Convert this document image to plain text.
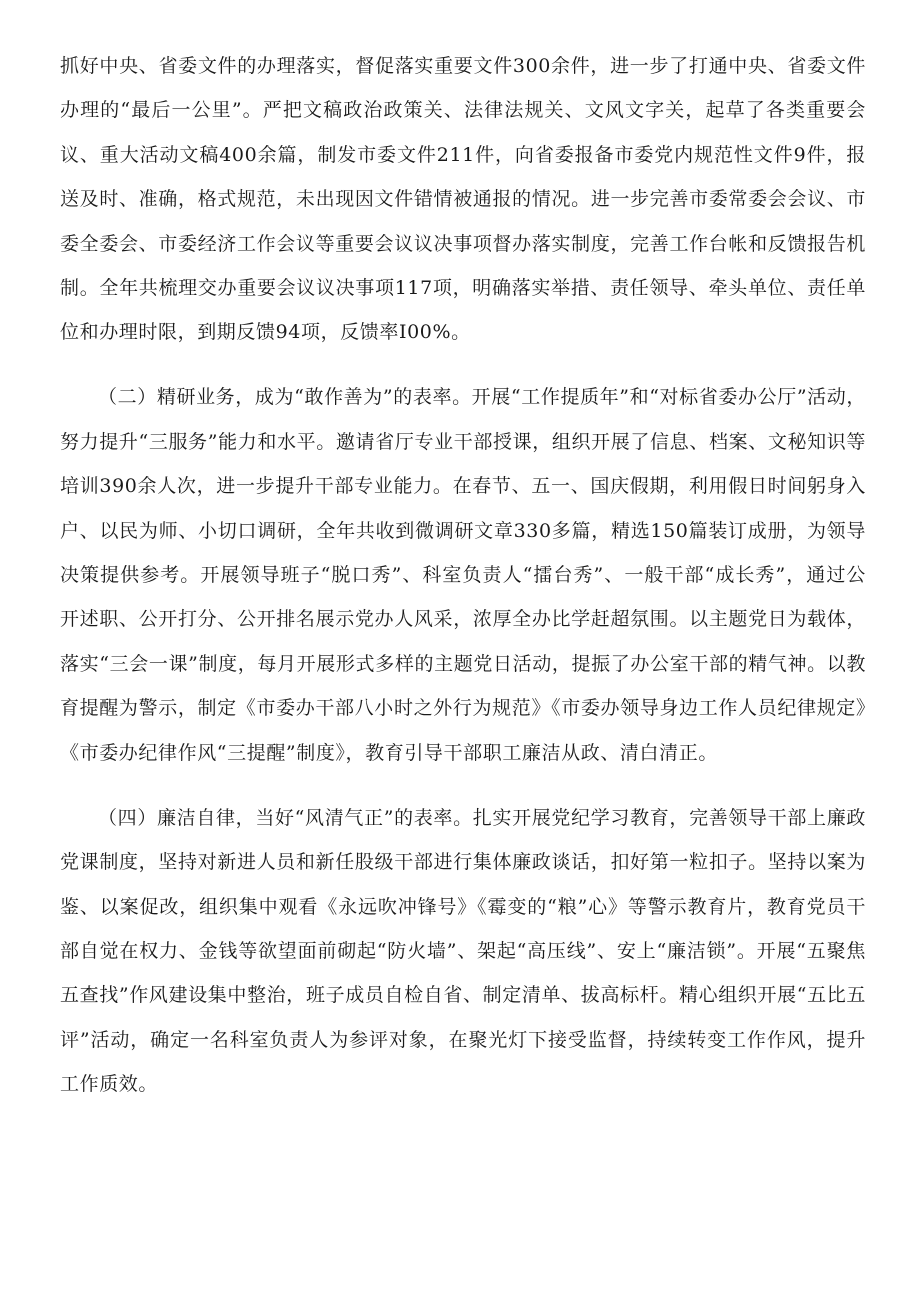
抓好中央、省委文件的办理落实，督促落实重要文件300余件，进一步了打通中央、省委文件办理的“最后一公里”。严把文稿政治政策关、法律法规关、文风文字关，起草了各类重要会议、重大活动文稿400余篇，制发市委文件211件，向省委报备市委党内规范性文件9件，报送及时、准确，格式规范，未出现因文件错情被通报的情况。进一步完善市委常委会会议、市委全委会、市委经济工作会议等重要会议议决事项督办落实制度，完善工作台帐和反馈报告机制。全年共梳理交办重要会议议决事项117项，明确落实举措、责任领导、牵头单位、责任单位和办理时限，到期反馈94项，反馈率I00%。

（二）精研业务，成为“敢作善为”的表率。开展“工作提质年”和“对标省委办公厅”活动，努力提升“三服务”能力和水平。邀请省厅专业干部授课，组织开展了信息、档案、文秘知识等培训390余人次，进一步提升干部专业能力。在春节、五一、国庆假期，利用假日时间躬身入户、以民为师、小切口调研，全年共收到微调研文章330多篇，精选150篇装订成册，为领导决策提供参考。开展领导班子“脱口秀”、科室负责人“擂台秀”、一般干部“成长秀”，通过公开述职、公开打分、公开排名展示党办人风采，浓厚全办比学赶超氛围。以主题党日为载体，落实“三会一课”制度，每月开展形式多样的主题党日活动，提振了办公室干部的精气神。以教育提醒为警示，制定《市委办干部八小时之外行为规范》《市委办领导身边工作人员纪律规定》《市委办纪律作风“三提醒”制度》，教育引导干部职工廉洁从政、清白清正。

（四）廉洁自律，当好“风清气正”的表率。扎实开展党纪学习教育，完善领导干部上廉政党课制度，坚持对新进人员和新任股级干部进行集体廉政谈话，扣好第一粒扣子。坚持以案为鉴、以案促改，组织集中观看《永远吹冲锋号》《霉变的“粮”心》等警示教育片，教育党员干部自觉在权力、金钱等欲望面前砌起“防火墙”、架起“高压线”、安上“廉洁锁”。开展“五聚焦五查找”作风建设集中整治，班子成员自检自省、制定清单、拔高标杆。精心组织开展“五比五评”活动，确定一名科室负责人为参评对象，在聚光灯下接受监督，持续转变工作作风，提升工作质效。
